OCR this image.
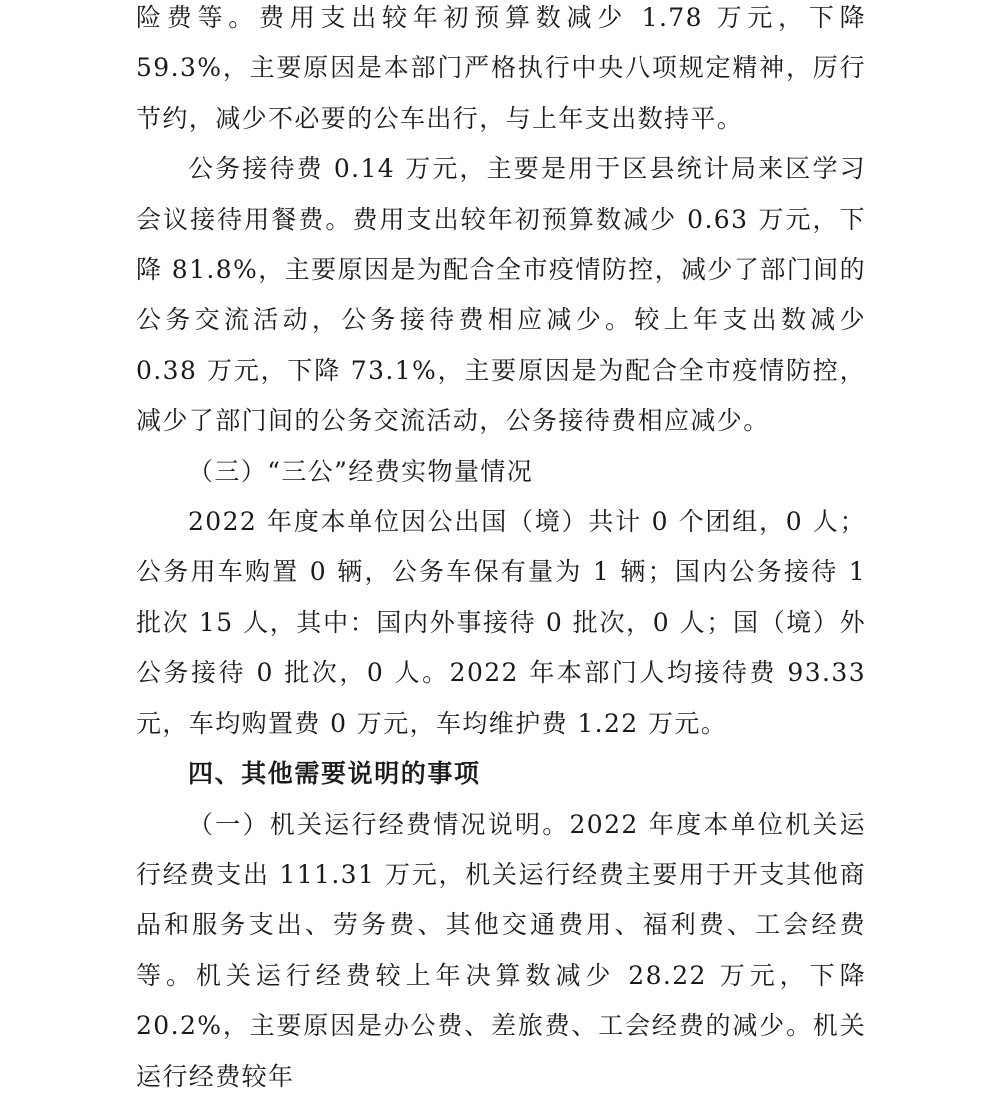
险费等。费用支出较年初预算数减少 1.78 万元，下降 59.3%，主要原因是本部门严格执行中央八项规定精神，厉行节约，减少不必要的公车出行，与上年支出数持平。

公务接待费 0.14 万元，主要是用于区县统计局来区学习会议接待用餐费。费用支出较年初预算数减少 0.63 万元，下降 81.8%，主要原因是为配合全市疫情防控，减少了部门间的公务交流活动，公务接待费相应减少。较上年支出数减少 0.38 万元，下降 73.1%，主要原因是为配合全市疫情防控，减少了部门间的公务交流活动，公务接待费相应减少。

（三）“三公”经费实物量情况

2022 年度本单位因公出国（境）共计 0 个团组，0 人；公务用车购置 0 辆，公务车保有量为 1 辆；国内公务接待 1 批次 15 人，其中：国内外事接待 0 批次，0 人；国（境）外公务接待 0 批次，0 人。2022 年本部门人均接待费 93.33 元，车均购置费 0 万元，车均维护费 1.22 万元。

四、其他需要说明的事项

（一）机关运行经费情况说明。2022 年度本单位机关运行经费支出 111.31 万元，机关运行经费主要用于开支其他商品和服务支出、劳务费、其他交通费用、福利费、工会经费等。机关运行经费较上年决算数减少 28.22 万元，下降 20.2%，主要原因是办公费、差旅费、工会经费的减少。机关运行经费较年
